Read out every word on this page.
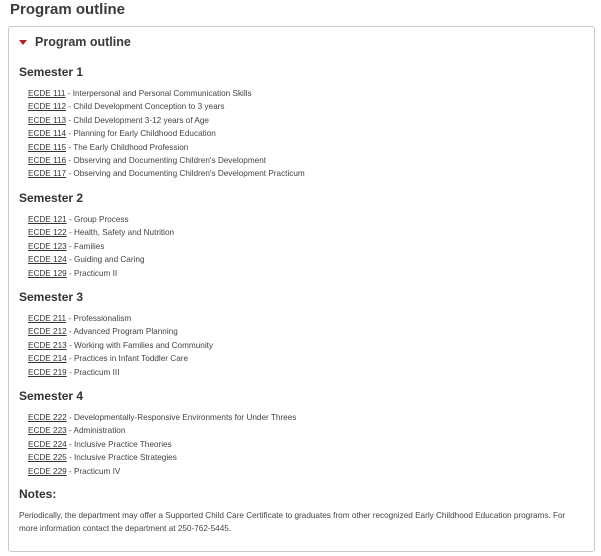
Program outline
Program outline
Semester 1
ECDE 111 - Interpersonal and Personal Communication Skills
ECDE 112 - Child Development Conception to 3 years
ECDE 113 - Child Development 3-12 years of Age
ECDE 114 - Planning for Early Childhood Education
ECDE 115 - The Early Childhood Profession
ECDE 116 - Observing and Documenting Children's Development
ECDE 117 - Observing and Documenting Children's Development Practicum
Semester 2
ECDE 121 - Group Process
ECDE 122 - Health, Safety and Nutrition
ECDE 123 - Families
ECDE 124 - Guiding and Caring
ECDE 129 - Practicum II
Semester 3
ECDE 211 - Professionalism
ECDE 212 - Advanced Program Planning
ECDE 213 - Working with Families and Community
ECDE 214 - Practices in Infant Toddler Care
ECDE 219 - Practicum III
Semester 4
ECDE 222 - Developmentally-Responsive Environments for Under Threes
ECDE 223 - Administration
ECDE 224 - Inclusive Practice Theories
ECDE 225 - Inclusive Practice Strategies
ECDE 229 - Practicum IV
Notes:

Periodically, the department may offer a Supported Child Care Certificate to graduates from other recognized Early Childhood Education programs. For more information contact the department at 250-762-5445.
